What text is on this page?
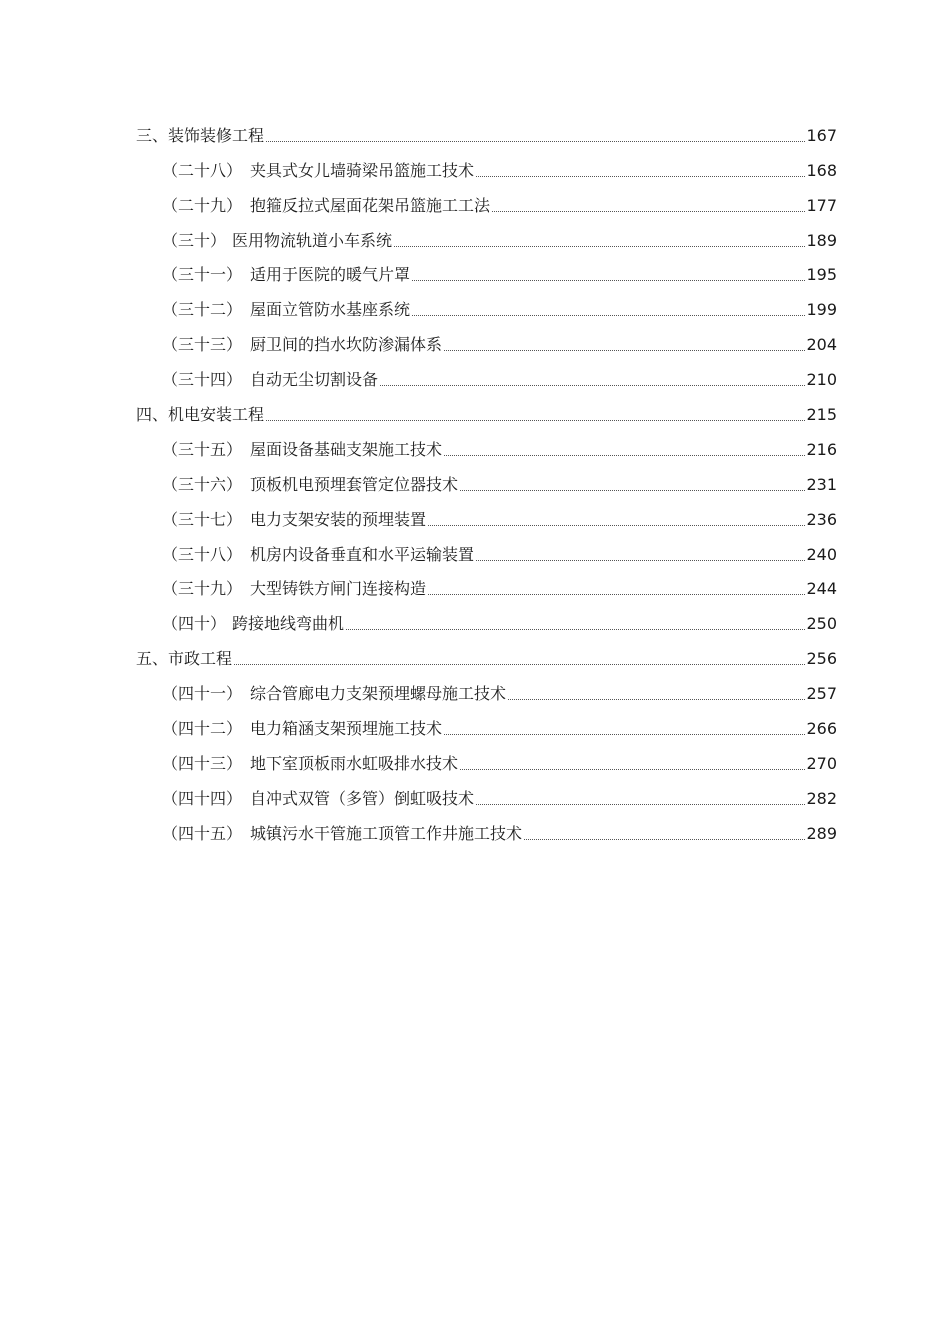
三、装饰装修工程	167
（二十八） 夹具式女儿墙骑梁吊篮施工技术	168
（二十九） 抱箍反拉式屋面花架吊篮施工工法	177
（三十） 医用物流轨道小车系统	189
（三十一） 适用于医院的暖气片罩	195
（三十二） 屋面立管防水基座系统	199
（三十三） 厨卫间的挡水坎防渗漏体系	204
（三十四） 自动无尘切割设备	210
四、机电安装工程	215
（三十五） 屋面设备基础支架施工技术	216
（三十六） 顶板机电预埋套管定位器技术	231
（三十七） 电力支架安装的预埋装置	236
（三十八） 机房内设备垂直和水平运输装置	240
（三十九） 大型铸铁方闸门连接构造	244
（四十） 跨接地线弯曲机	250
五、市政工程	256
（四十一） 综合管廊电力支架预埋螺母施工技术	257
（四十二） 电力箱涵支架预埋施工技术	266
（四十三） 地下室顶板雨水虹吸排水技术	270
（四十四） 自冲式双管（多管）倒虹吸技术	282
（四十五） 城镇污水干管施工顶管工作井施工技术	289
